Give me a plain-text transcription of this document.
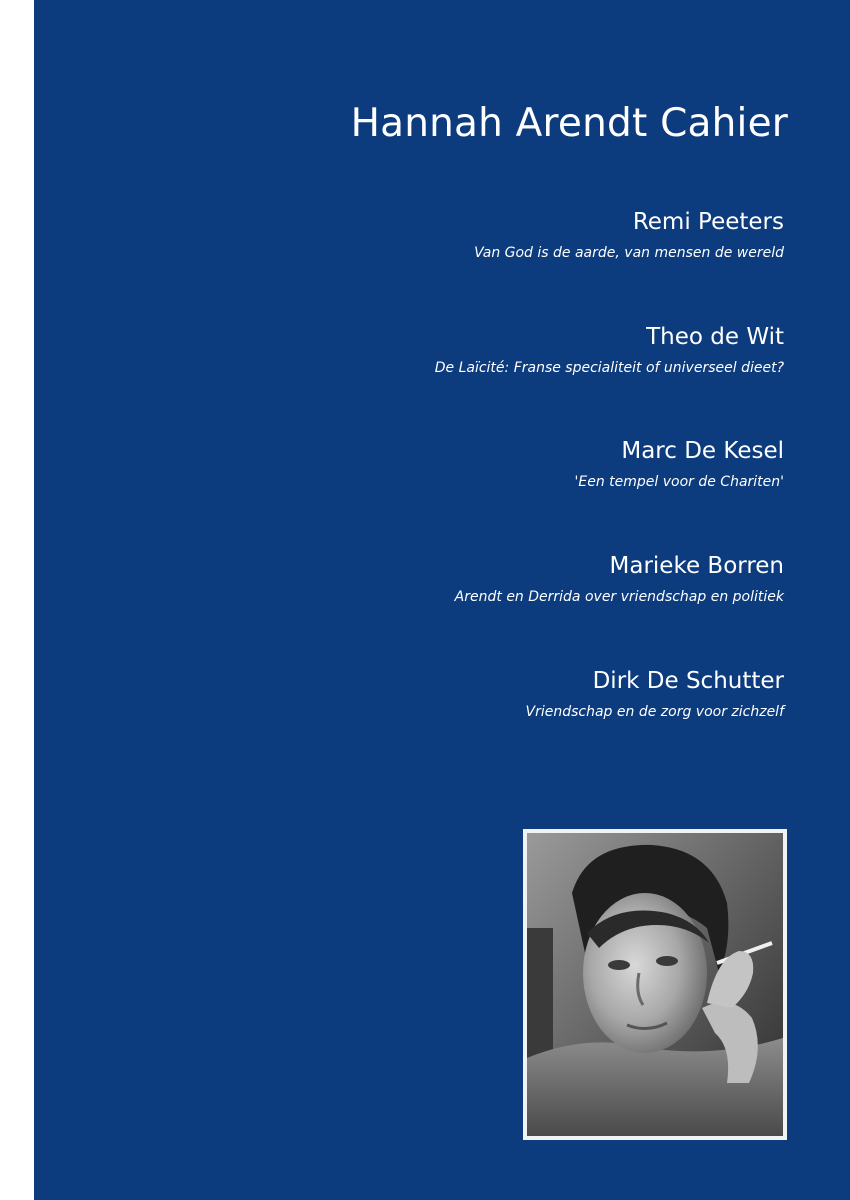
Hannah Arendt Cahier
Remi Peeters
Van God is de aarde, van mensen de wereld
Theo de Wit
De Laïcité: Franse specialiteit of universeel dieet?
Marc De Kesel
'Een tempel voor de Chariten'
Marieke Borren
Arendt en Derrida over vriendschap en politiek
Dirk De Schutter
Vriendschap en de zorg voor zichzelf
